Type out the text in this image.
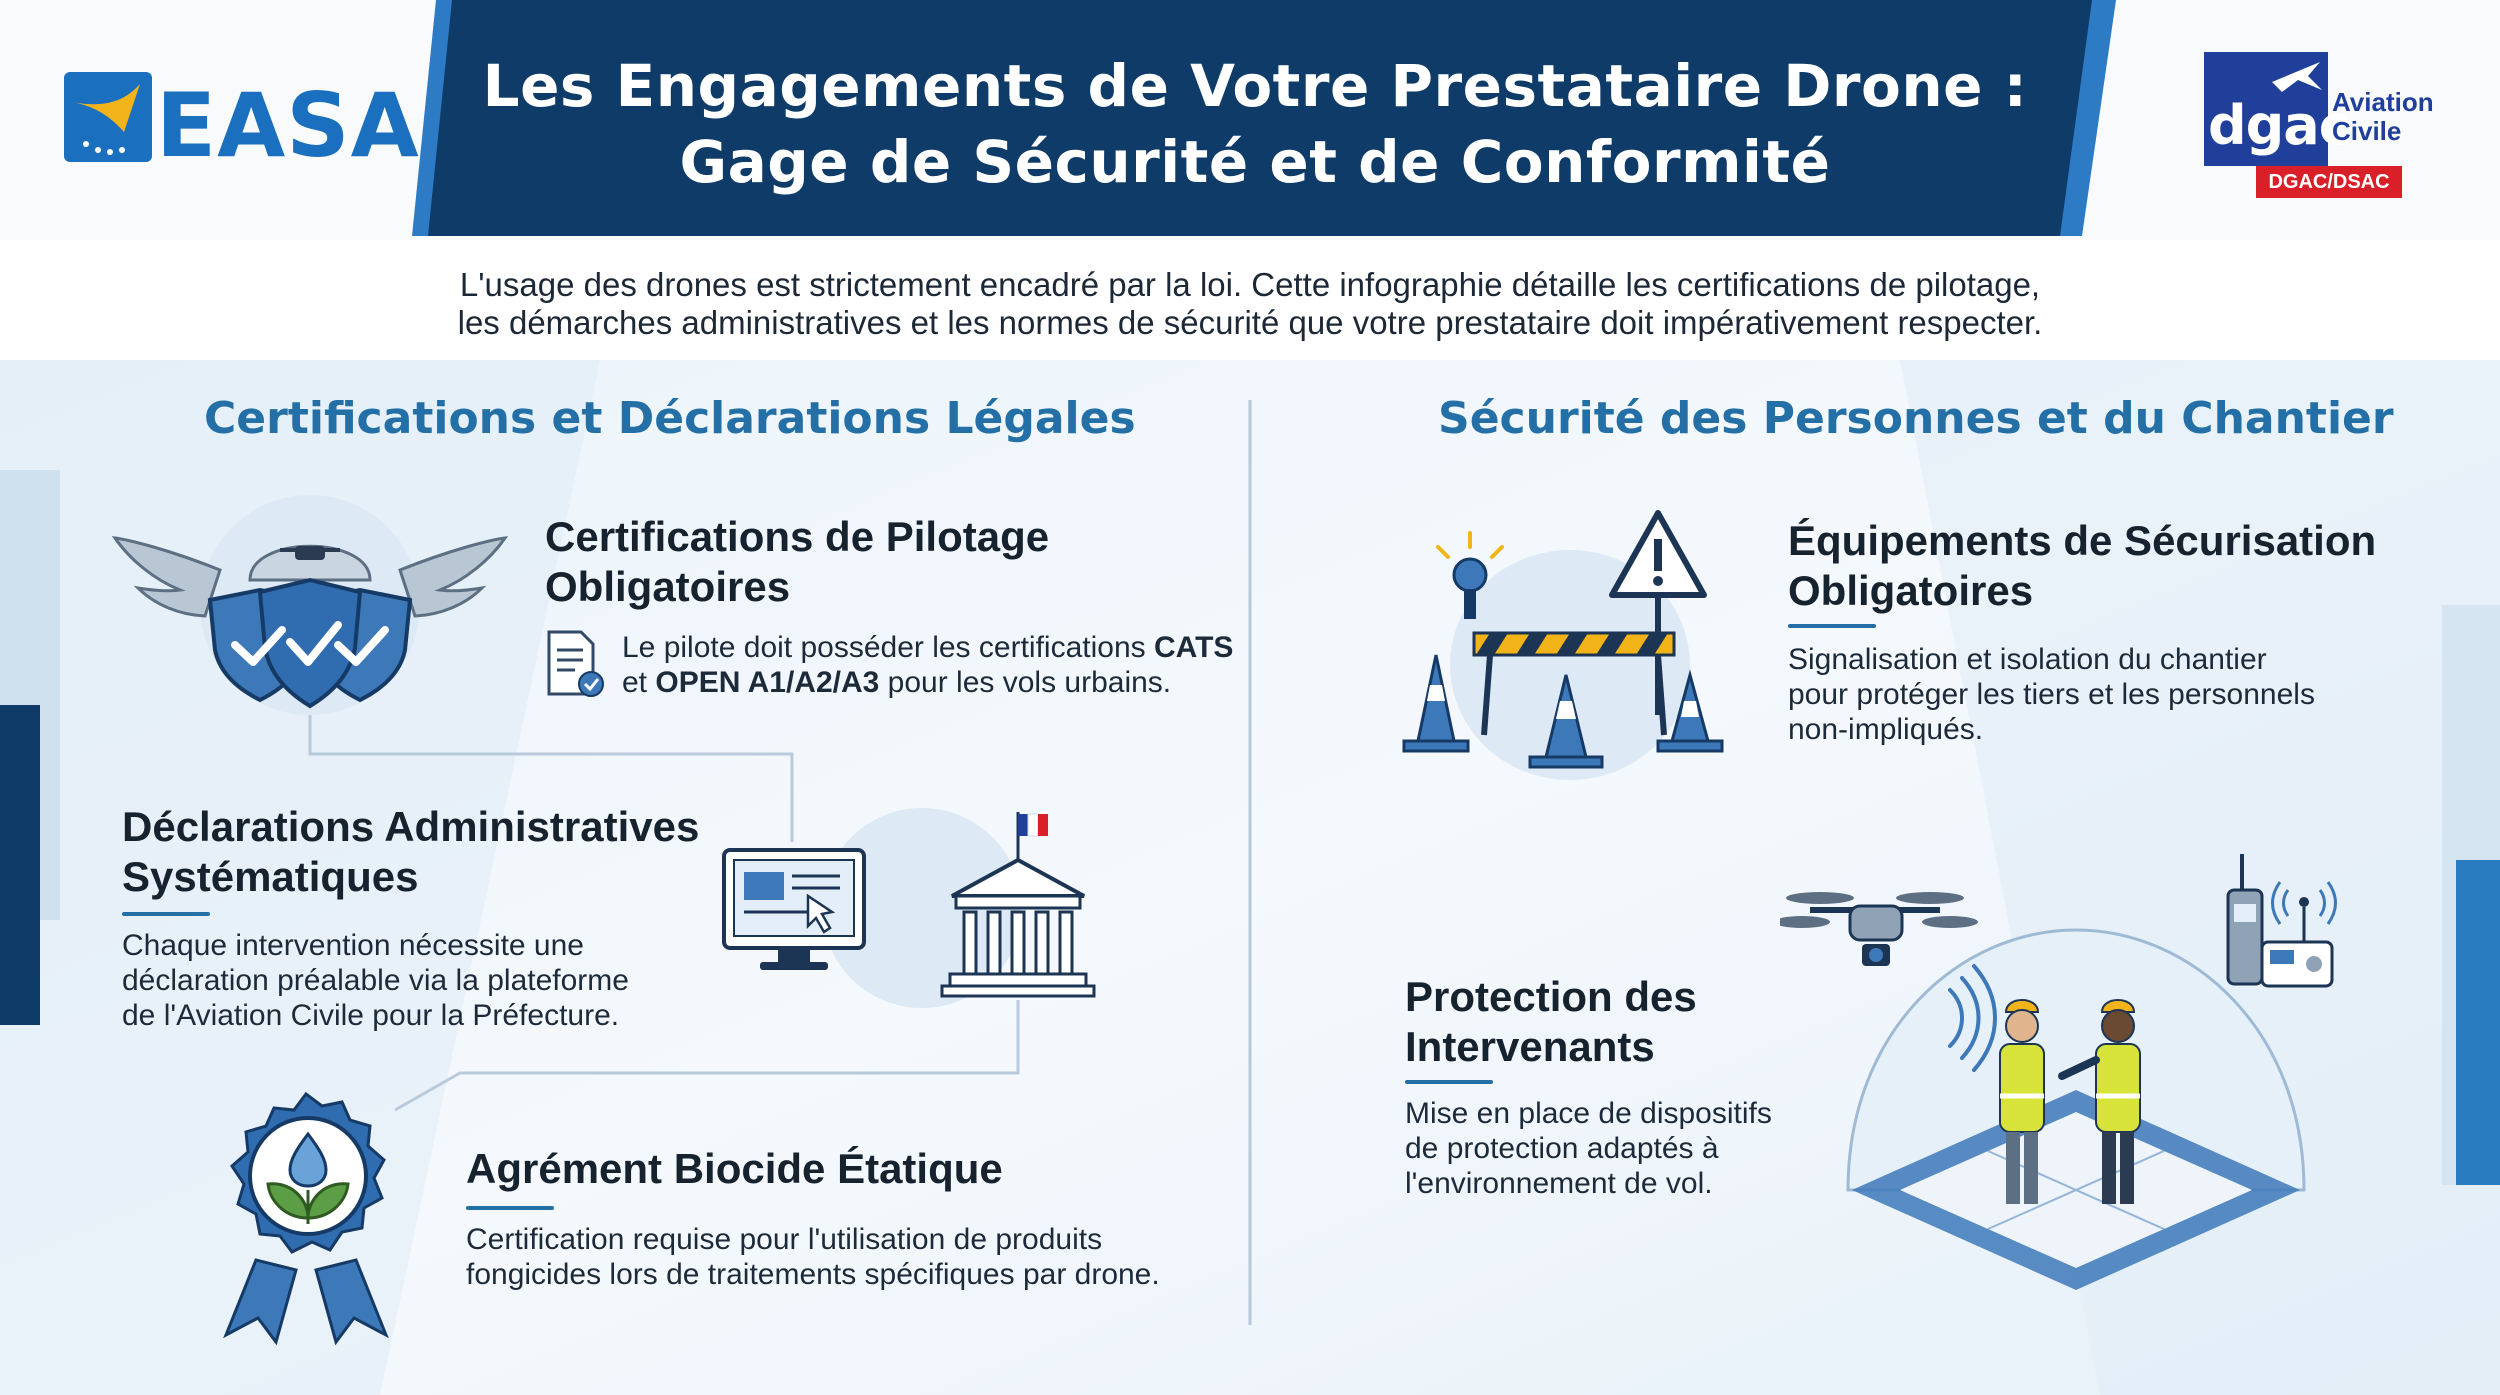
Les Engagements de Votre Prestataire Drone :
Gage de Sécurité et de Conformité
EASA	dgac
Aviation
Civile
DGAC/DSAC
L'usage des drones est strictement encadré par la loi. Cette infographie détaille les certifications de pilotage,
les démarches administratives et les normes de sécurité que votre prestataire doit impérativement respecter.
Certifications et Déclarations Légales	Sécurité des Personnes et du Chantier
Certifications de Pilotage
Obligatoires
Le pilote doit posséder les certifications CATS
et OPEN A1/A2/A3 pour les vols urbains.
Déclarations Administratives
Systématiques
Chaque intervention nécessite une
déclaration préalable via la plateforme
de l'Aviation Civile pour la Préfecture.
Agrément Biocide Étatique
Certification requise pour l'utilisation de produits
fongicides lors de traitements spécifiques par drone.
Équipements de Sécurisation
Obligatoires
Signalisation et isolation du chantier
pour protéger les tiers et les personnels
non-impliqués.
Protection des
Intervenants
Mise en place de dispositifs
de protection adaptés à
l'environnement de vol.
